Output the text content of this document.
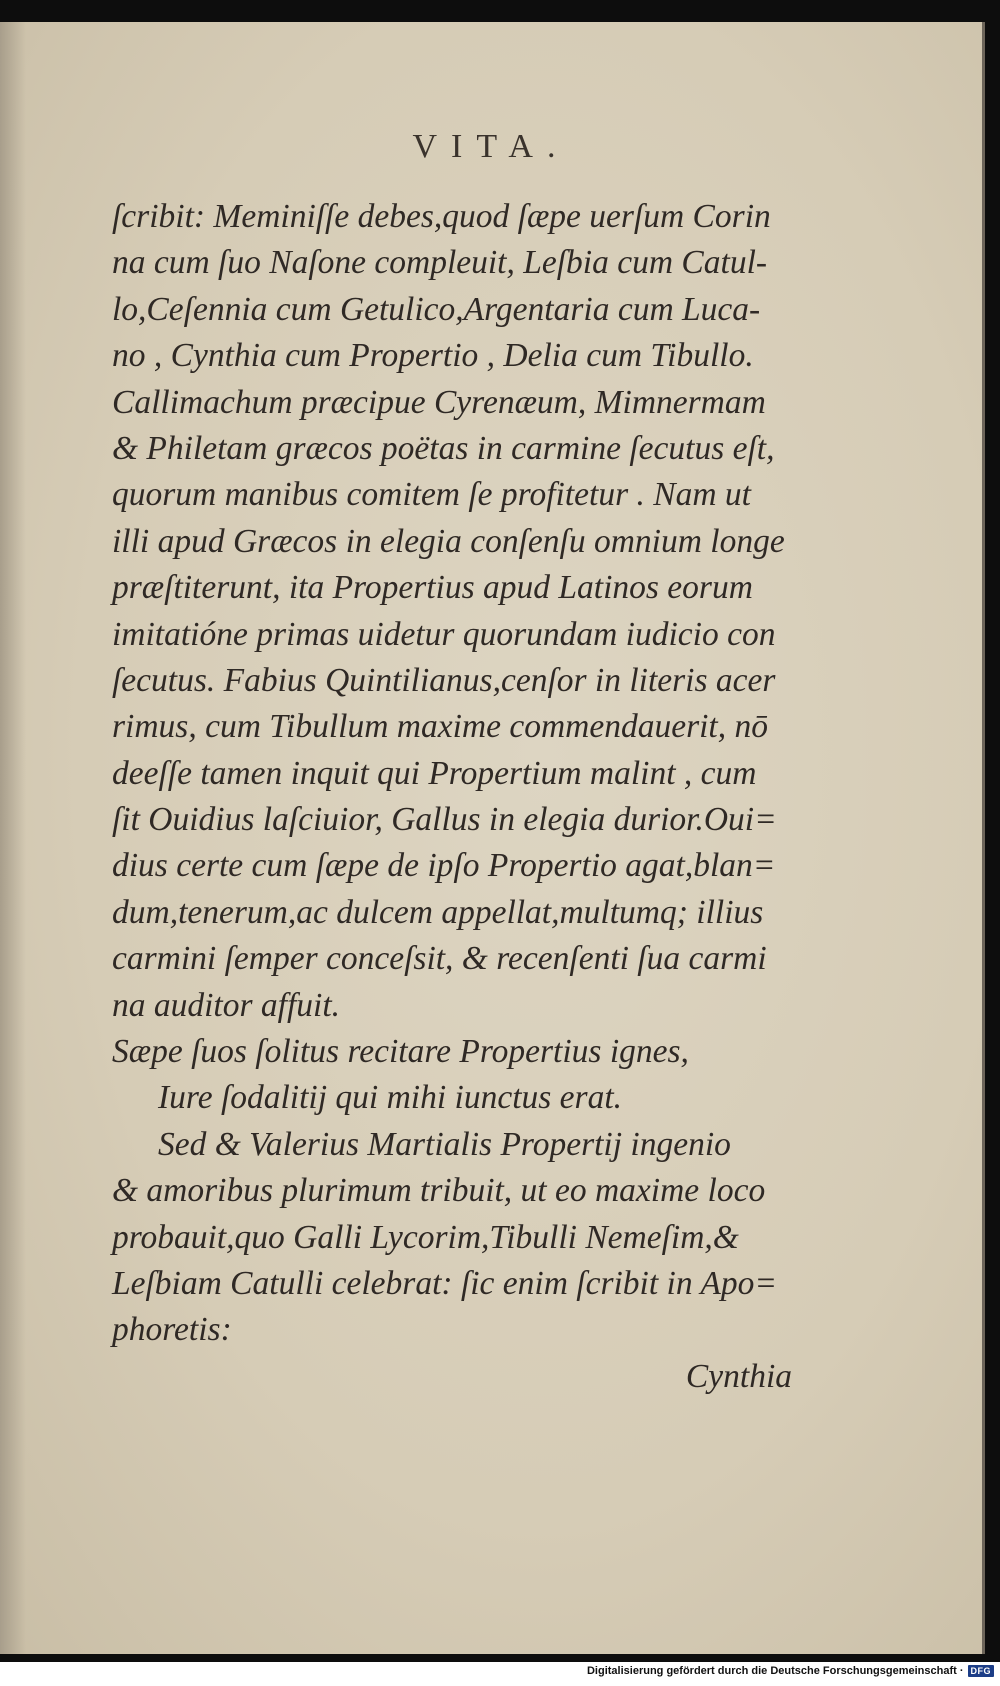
VITA.
ſcribit: Meminiſſe debes,quod ſæpe uerſum Corin
na cum ſuo Naſone compleuit, Leſbia cum Catul-
lo,Ceſennia cum Getulico,Argentaria cum Luca-
no , Cynthia cum Propertio , Delia cum Tibullo.
Callimachum præcipue Cyrenæum, Mimnermam
& Philetam græcos poëtas in carmine ſecutus eſt,
quorum manibus comitem ſe profitetur . Nam ut
illi apud Græcos in elegia conſenſu omnium longe
præſtiterunt, ita Propertius apud Latinos eorum
imitatióne primas uidetur quorundam iudicio con
ſecutus. Fabius Quintilianus,cenſor in literis acer
rimus, cum Tibullum maxime commendauerit, nō
deeſſe tamen inquit qui Propertium malint , cum
ſit Ouidius laſciuior, Gallus in elegia durior.Oui=
dius certe cum ſæpe de ipſo Propertio agat,blan=
dum,tenerum,ac dulcem appellat,multumq; illius
carmini ſemper conceſsit, & recenſenti ſua carmi
na auditor affuit.
Sæpe ſuos ſolitus recitare Propertius ignes,
Iure ſodalitij qui mihi iunctus erat.
Sed & Valerius Martialis Propertij ingenio
& amoribus plurimum tribuit, ut eo maxime loco
probauit,quo Galli Lycorim,Tibulli Nemeſim,&
Leſbiam Catulli celebrat: ſic enim ſcribit in Apo=
phoretis:
Cynthia
Digitalisierung gefördert durch die Deutsche Forschungsgemeinschaft · DFG
